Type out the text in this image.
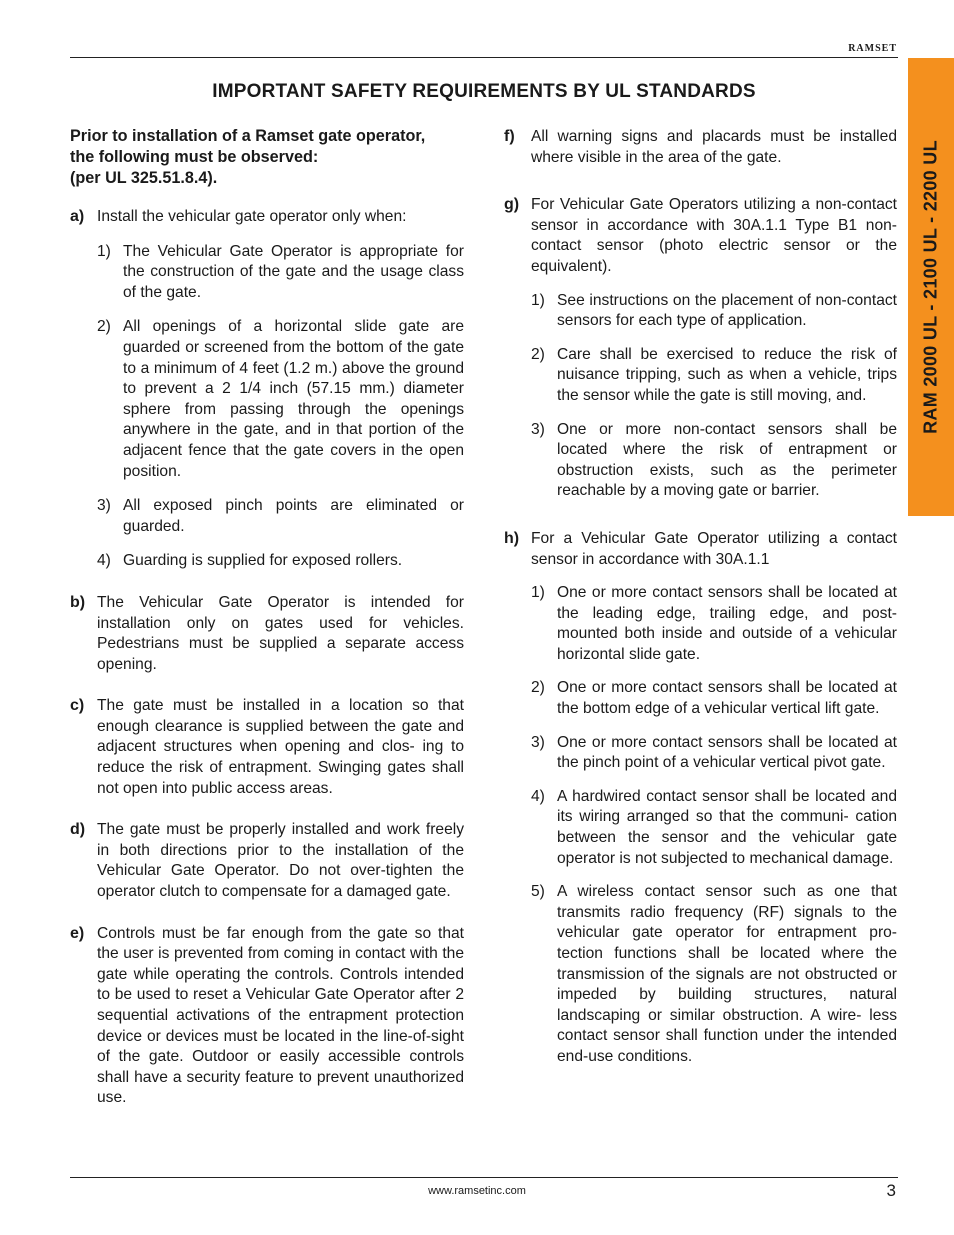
RAMSET
RAM 2000 UL - 2100 UL - 2200 UL
IMPORTANT SAFETY REQUIREMENTS BY UL STANDARDS

Prior to installation of a Ramset gate operator,
the following must be observed:
(per UL 325.51.8.4).

a) Install the vehicular gate operator only when:

1) The Vehicular Gate Operator is appropriate for the construction of the gate and the usage class of the gate.

2) All openings of a horizontal slide gate are guarded or screened from the bottom of the gate to a minimum of 4 feet (1.2 m.) above the ground to prevent a 2 1/4 inch (57.15 mm.) diameter sphere from passing through the openings anywhere in the gate, and in that portion of the adjacent fence that the gate covers in the open position.

3) All exposed pinch points are eliminated or guarded.

4) Guarding is supplied for exposed rollers.

b) The Vehicular Gate Operator is intended for installation only on gates used for vehicles. Pedestrians must be supplied a separate access opening.

c) The gate must be installed in a location so that enough clearance is supplied between the gate and adjacent structures when opening and clos- ing to reduce the risk of entrapment. Swinging gates shall not open into public access areas.

d) The gate must be properly installed and work freely in both directions prior to the installation of the Vehicular Gate Operator. Do not over-tighten the operator clutch to compensate for a damaged gate.

e) Controls must be far enough from the gate so that the user is prevented from coming in contact with the gate while operating the controls. Controls intended to be used to reset a Vehicular Gate Operator after 2 sequential activations of the entrapment protection device or devices must be located in the line-of-sight of the gate. Outdoor or easily accessible controls shall have a security feature to prevent unauthorized use.

f) All warning signs and placards must be installed where visible in the area of the gate.

g) For Vehicular Gate Operators utilizing a non-contact sensor in accordance with 30A.1.1 Type B1 non-contact sensor (photo electric sensor or the equivalent).

1) See instructions on the placement of non-contact sensors for each type of application.

2) Care shall be exercised to reduce the risk of nuisance tripping, such as when a vehicle, trips the sensor while the gate is still moving, and.

3) One or more non-contact sensors shall be located where the risk of entrapment or obstruction exists, such as the perimeter reachable by a moving gate or barrier.

h) For a Vehicular Gate Operator utilizing a contact sensor in accordance with 30A.1.1

1) One or more contact sensors shall be located at the leading edge, trailing edge, and post-mounted both inside and outside of a vehicular horizontal slide gate.

2) One or more contact sensors shall be located at the bottom edge of a vehicular vertical lift gate.

3) One or more contact sensors shall be located at the pinch point of a vehicular vertical pivot gate.

4) A hardwired contact sensor shall be located and its wiring arranged so that the communi- cation between the sensor and the vehicular gate operator is not subjected to mechanical damage.

5) A wireless contact sensor such as one that transmits radio frequency (RF) signals to the vehicular gate operator for entrapment pro- tection functions shall be located where the transmission of the signals are not obstructed or impeded by building structures, natural landscaping or similar obstruction. A wire- less contact sensor shall function under the intended end-use conditions.

www.ramsetinc.com	3
